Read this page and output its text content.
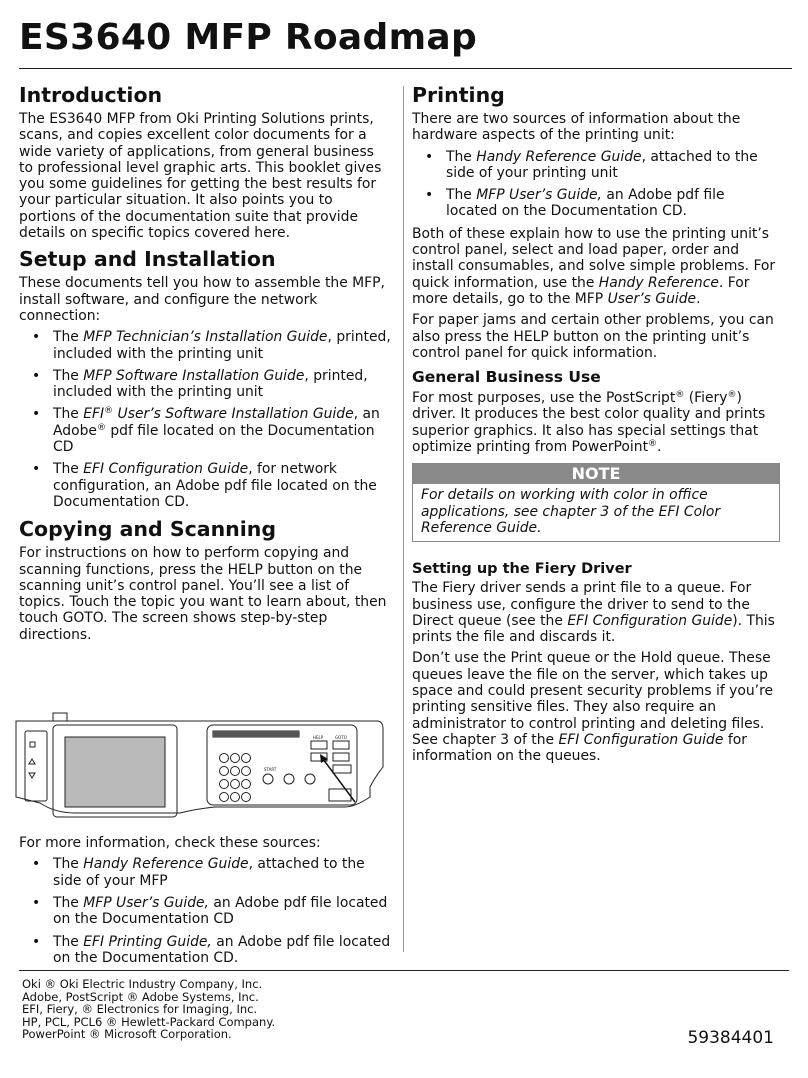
ES3640 MFP Roadmap
Introduction

The ES3640 MFP from Oki Printing Solutions prints, scans, and copies excellent color documents for a wide variety of applications, from general business to professional level graphic arts. This booklet gives you some guidelines for getting the best results for your particular situation. It also points you to portions of the documentation suite that provide details on specific topics covered here.

Setup and Installation

These documents tell you how to assemble the MFP, install software, and configure the network connection:

• The MFP Technician’s Installation Guide, printed, included with the printing unit
• The MFP Software Installation Guide, printed, included with the printing unit
• The EFI® User’s Software Installation Guide, an Adobe® pdf file located on the Documentation CD
• The EFI Configuration Guide, for network configuration, an Adobe pdf file located on the Documentation CD.
Copying and Scanning

For instructions on how to perform copying and scanning functions, press the HELP button on the scanning unit’s control panel. You’ll see a list of topics. Touch the topic you want to learn about, then touch GOTO. The screen shows step-by-step directions.

HELP	GOTO
START

For more information, check these sources:

• The Handy Reference Guide, attached to the side of your MFP
• The MFP User’s Guide, an Adobe pdf file located on the Documentation CD
• The EFI Printing Guide, an Adobe pdf file located on the Documentation CD.
Printing

There are two sources of information about the hardware aspects of the printing unit:

• The Handy Reference Guide, attached to the side of your printing unit
• The MFP User’s Guide, an Adobe pdf file located on the Documentation CD.

Both of these explain how to use the printing unit’s control panel, select and load paper, order and install consumables, and solve simple problems. For quick information, use the Handy Reference. For more details, go to the MFP User’s Guide.

For paper jams and certain other problems, you can also press the HELP button on the printing unit’s control panel for quick information.

General Business Use

For most purposes, use the PostScript® (Fiery®) driver. It produces the best color quality and prints superior graphics. It also has special settings that optimize printing from PowerPoint®.

NOTE
For details on working with color in office applications, see chapter 3 of the EFI Color Reference Guide.
Setting up the Fiery Driver

The Fiery driver sends a print file to a queue. For business use, configure the driver to send to the Direct queue (see the EFI Configuration Guide). This prints the file and discards it.

Don’t use the Print queue or the Hold queue. These queues leave the file on the server, which takes up space and could present security problems if you’re printing sensitive files. They also require an administrator to control printing and deleting files. See chapter 3 of the EFI Configuration Guide for information on the queues.

Oki ® Oki Electric Industry Company, Inc.
Adobe, PostScript ® Adobe Systems, Inc.
EFI, Fiery, ® Electronics for Imaging, Inc.
HP, PCL, PCL6 ® Hewlett-Packard Company.
PowerPoint ® Microsoft Corporation.	59384401
